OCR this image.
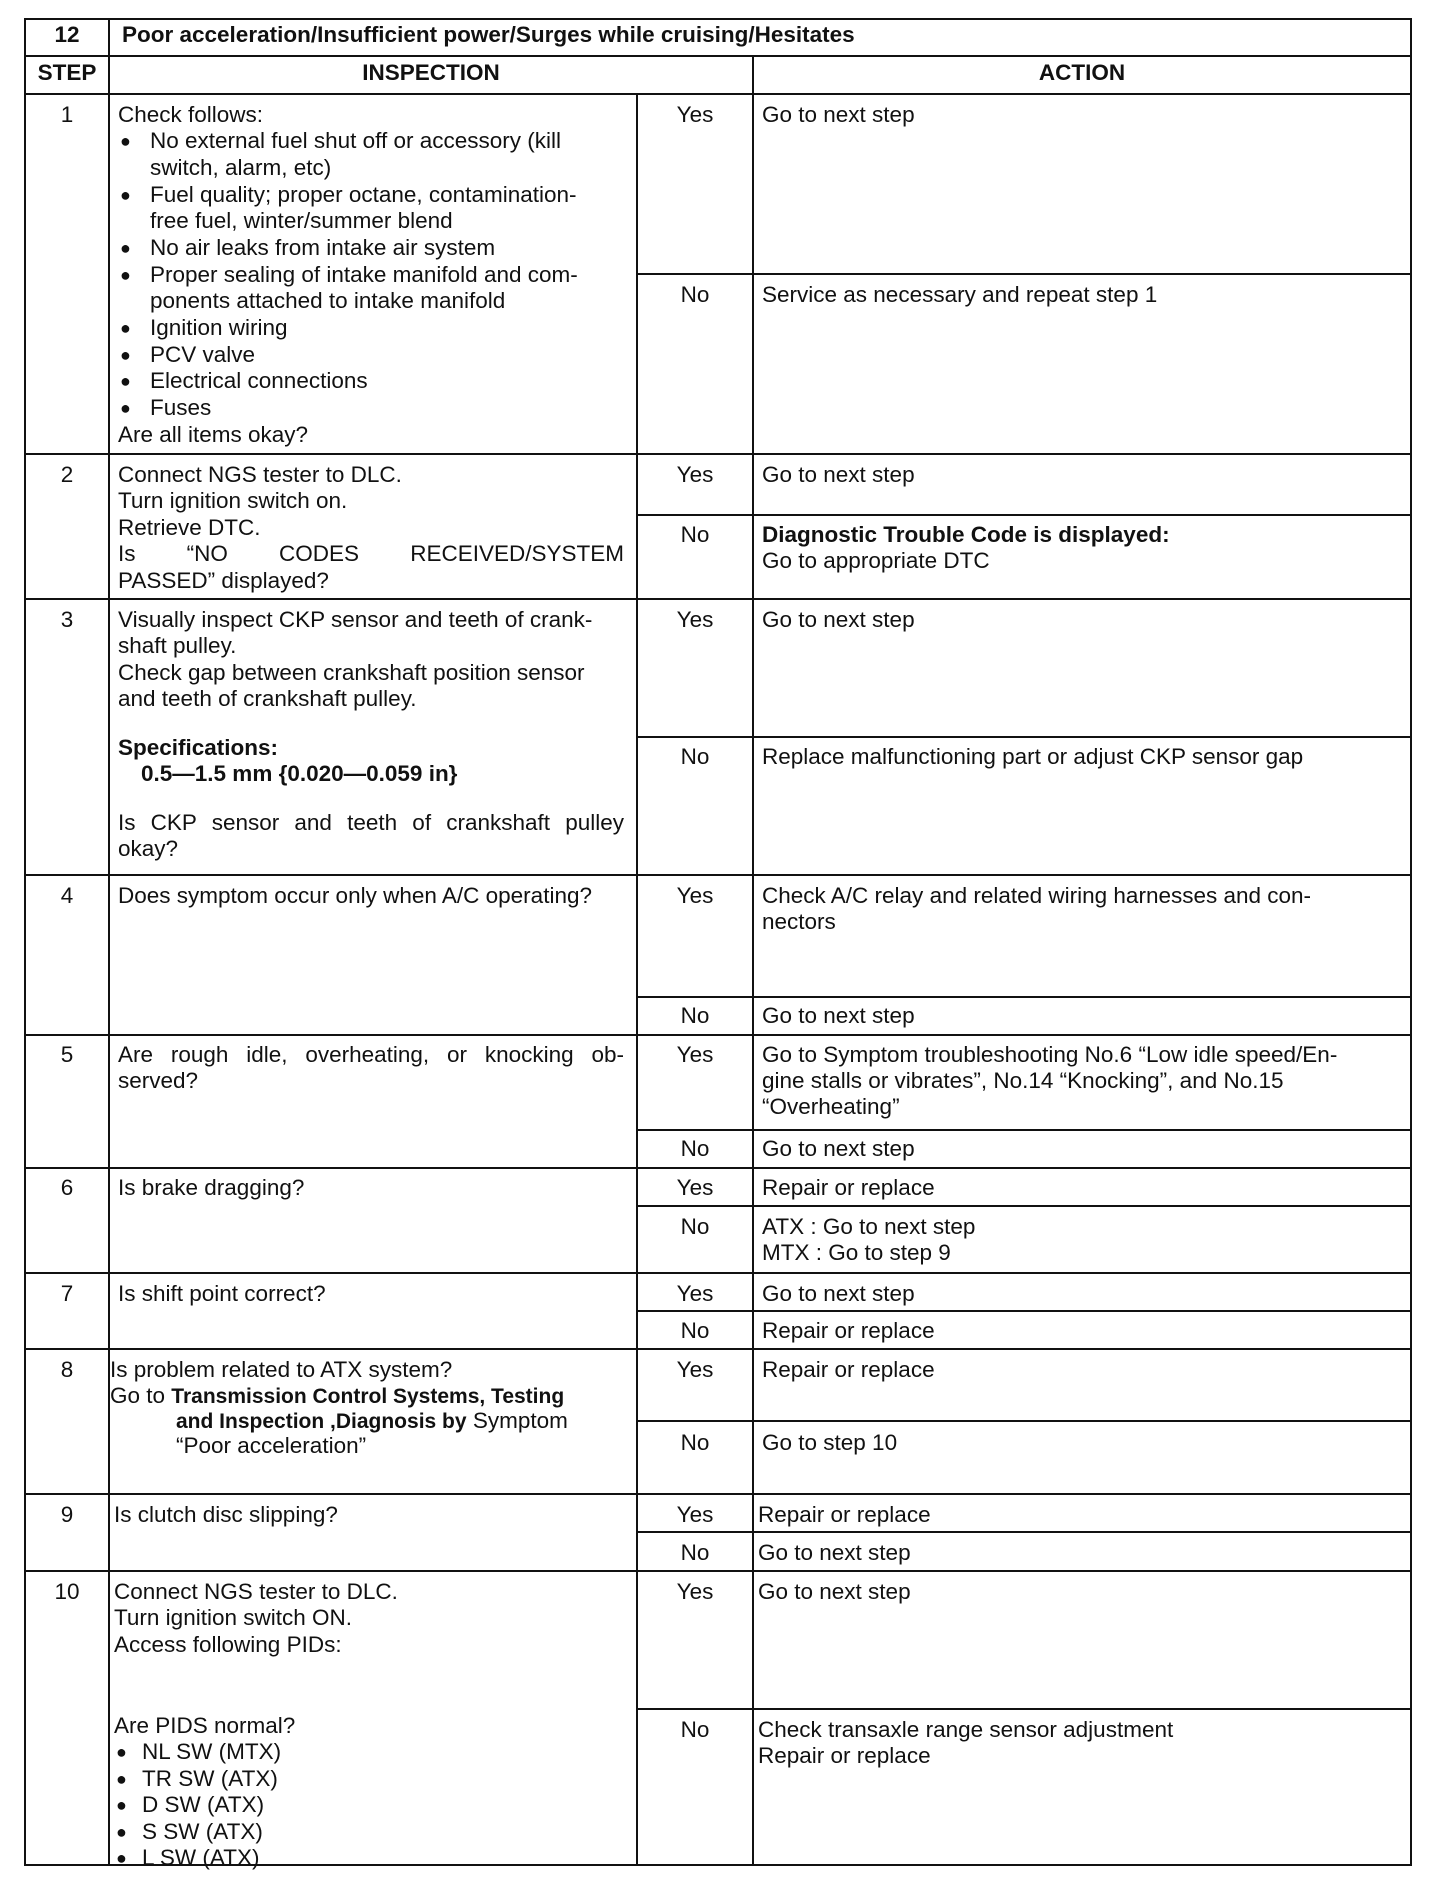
12	Poor acceleration/Insufficient power/Surges while cruising/Hesitates
STEP	INSPECTION	ACTION
1	Check follows:
● No external fuel shut off or accessory (kill
switch, alarm, etc)
● Fuel quality; proper octane, contamination-
free fuel, winter/summer blend
● No air leaks from intake air system
● Proper sealing of intake manifold and com-
ponents attached to intake manifold
● Ignition wiring
● PCV valve
● Electrical connections
● Fuses
Are all items okay?
Yes	Go to next step
No	Service as necessary and repeat step 1
2	Connect NGS tester to DLC.
Turn ignition switch on.
Retrieve DTC.
Is “NO CODES RECEIVED/SYSTEM
PASSED” displayed?
Yes	Go to next step
No	Diagnostic Trouble Code is displayed:
Go to appropriate DTC
3	Visually inspect CKP sensor and teeth of crank-
shaft pulley.
Check gap between crankshaft position sensor
and teeth of crankshaft pulley.
Specifications:
0.5—1.5 mm {0.020—0.059 in}
Is CKP sensor and teeth of crankshaft pulley
okay?
Yes	Go to next step
No	Replace malfunctioning part or adjust CKP sensor gap
4	Does symptom occur only when A/C operating?	Yes	Check A/C relay and related wiring harnesses and con-
nectors
No	Go to next step
5	Are rough idle, overheating, or knocking ob-
served?
Yes	Go to Symptom troubleshooting No.6 “Low idle speed/En-
gine stalls or vibrates”, No.14 “Knocking”, and No.15
“Overheating”
No	Go to next step
6	Is brake dragging?	Yes	Repair or replace
No	ATX : Go to next step
MTX : Go to step 9
7	Is shift point correct?	Yes	Go to next step
No	Repair or replace
8	Is problem related to ATX system?
Go to Transmission Control Systems, Testing
and Inspection ,Diagnosis by Symptom
“Poor acceleration”
Yes	Repair or replace
No	Go to step 10
9	Is clutch disc slipping?	Yes	Repair or replace
No	Go to next step
10	Connect NGS tester to DLC.
Turn ignition switch ON.
Access following PIDs:
Are PIDS normal?
● NL SW (MTX)
● TR SW (ATX)
● D SW (ATX)
● S SW (ATX)
● L SW (ATX)
Yes	Go to next step
No	Check transaxle range sensor adjustment
Repair or replace
